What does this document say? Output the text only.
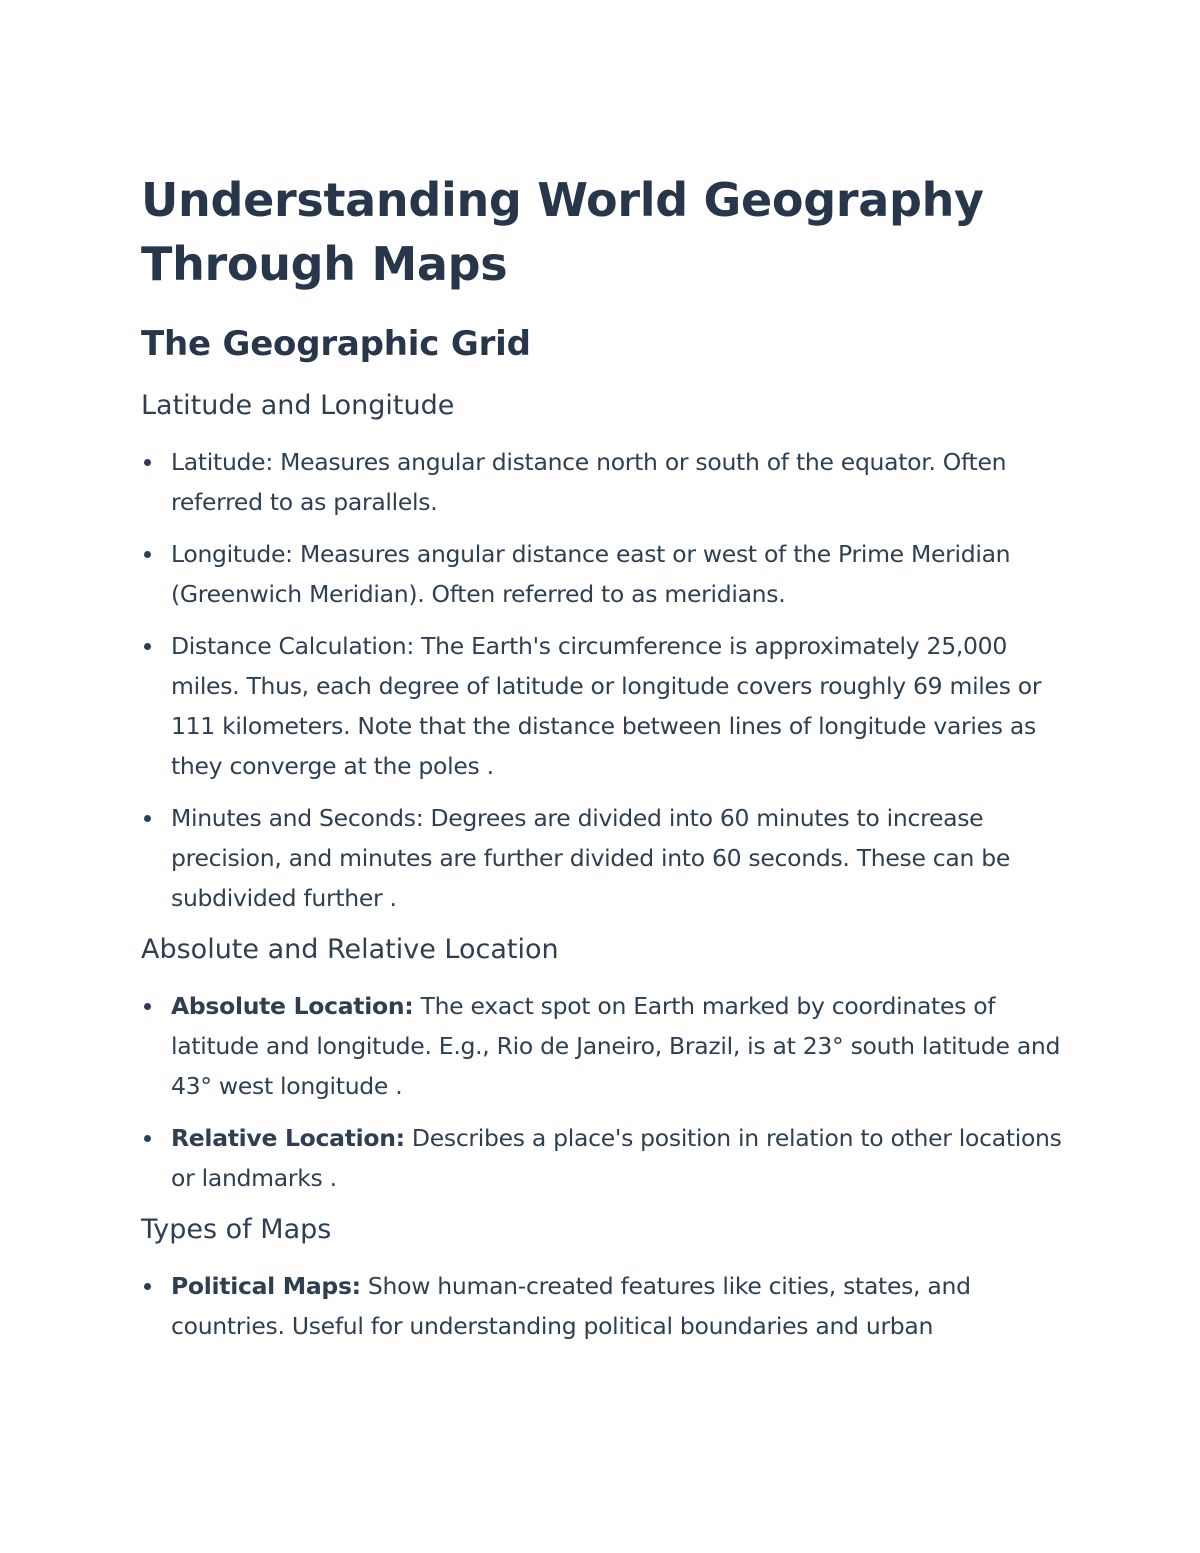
Understanding World Geography Through Maps
The Geographic Grid
Latitude and Longitude
Latitude: Measures angular distance north or south of the equator. Often referred to as parallels.
Longitude: Measures angular distance east or west of the Prime Meridian (Greenwich Meridian). Often referred to as meridians.
Distance Calculation: The Earth's circumference is approximately 25,000 miles. Thus, each degree of latitude or longitude covers roughly 69 miles or 111 kilometers. Note that the distance between lines of longitude varies as they converge at the poles .
Minutes and Seconds: Degrees are divided into 60 minutes to increase precision, and minutes are further divided into 60 seconds. These can be subdivided further .
Absolute and Relative Location
Absolute Location: The exact spot on Earth marked by coordinates of latitude and longitude. E.g., Rio de Janeiro, Brazil, is at 23° south latitude and 43° west longitude .
Relative Location: Describes a place's position in relation to other locations or landmarks .
Types of Maps
Political Maps: Show human-created features like cities, states, and countries. Useful for understanding political boundaries and urban
